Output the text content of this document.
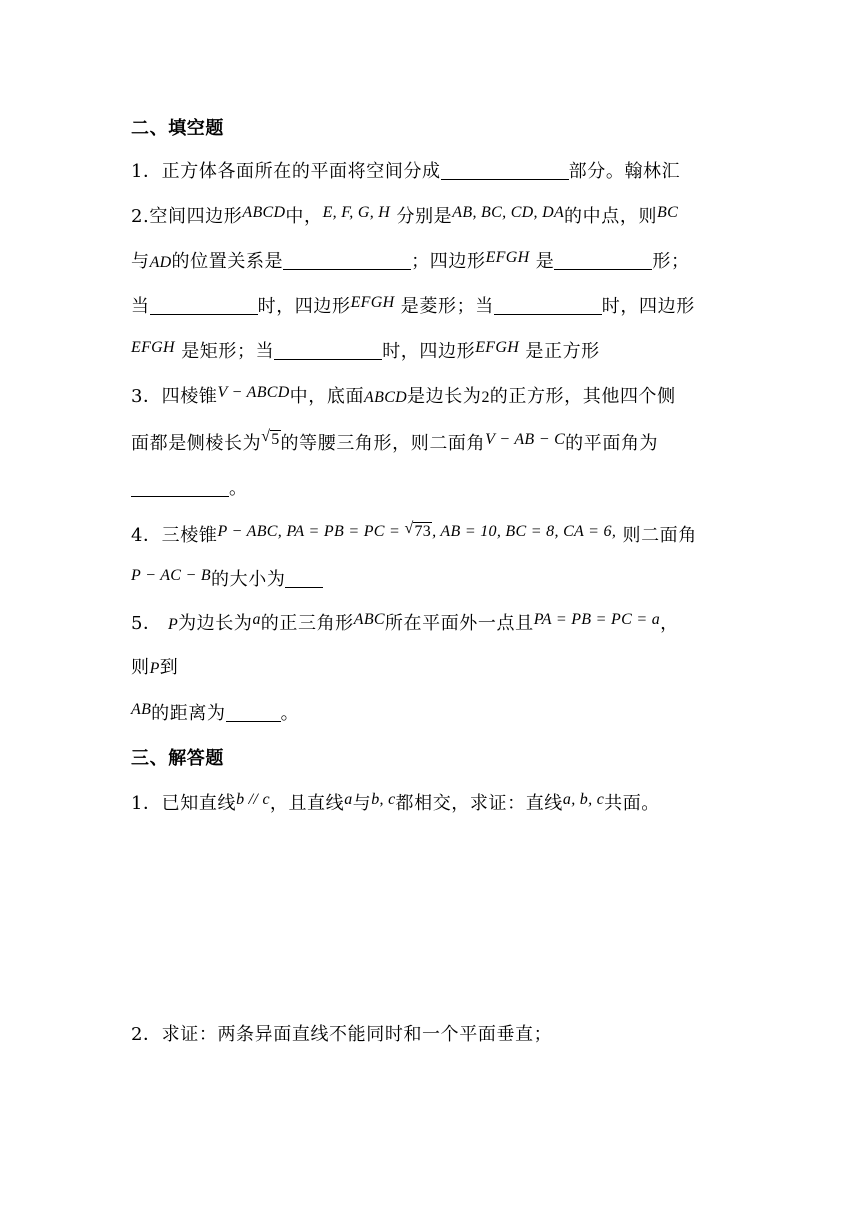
二、填空题
1．正方体各面所在的平面将空间分成	部分。翰林汇
2.空间四边形ABCD中，E, F, G, H 分别是AB, BC, CD, DA的中点，则BC
与AD的位置关系是	；四边形EFGH 是	形；
当	时，四边形EFGH 是菱形；当	时，四边形
EFGH 是矩形；当	时，四边形EFGH 是正方形
3．四棱锥V − ABCD中，底面ABCD是边长为2的正方形，其他四个侧
面都是侧棱长为 √ 5的等腰三角形，则二面角V − AB − C的平面角为
。
4．三棱锥P − ABC, PA = PB = PC = √ 73, AB = 10, BC = 8, CA = 6, 则二面角
P − AC − B的大小为
5． P为边长为a的正三角形ABC所在平面外一点且PA = PB = PC = a，
则P到
AB的距离为	。
三、解答题
1．已知直线b // c，且直线a与b, c都相交，求证：直线a, b, c共面。
2．求证：两条异面直线不能同时和一个平面垂直；
